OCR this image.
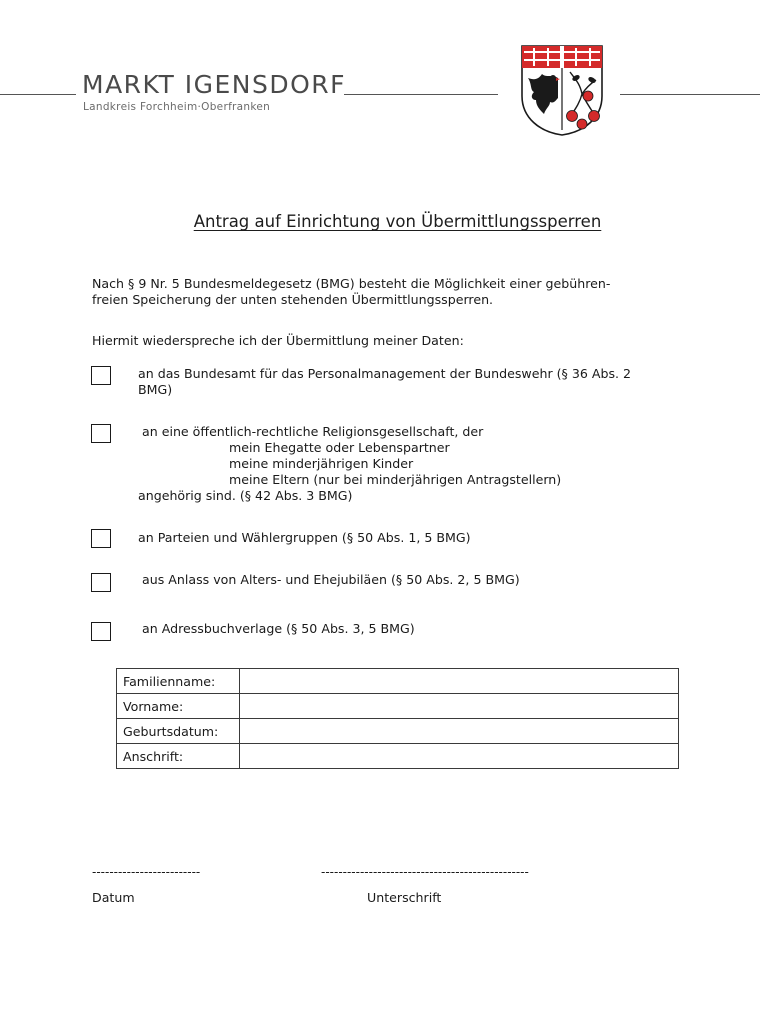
MARKT IGENSDORF
Landkreis Forchheim·Oberfranken
Antrag auf Einrichtung von Übermittlungssperren
Nach § 9 Nr. 5 Bundesmeldegesetz (BMG) besteht die Möglichkeit einer gebühren-
freien Speicherung der unten stehenden Übermittlungssperren.
Hiermit wiederspreche ich der Übermittlung meiner Daten:
an das Bundesamt für das Personalmanagement der Bundeswehr (§ 36 Abs. 2
BMG)
an eine öffentlich-rechtliche Religionsgesellschaft, der
mein Ehegatte oder Lebenspartner
meine minderjährigen Kinder
meine Eltern (nur bei minderjährigen Antragstellern)
angehörig sind. (§ 42 Abs. 3 BMG)
an Parteien und Wählergruppen (§ 50 Abs. 1, 5 BMG)
aus Anlass von Alters- und Ehejubiläen (§ 50 Abs. 2, 5 BMG)
an Adressbuchverlage (§ 50 Abs. 3, 5 BMG)
Familienname:	
Vorname:	
Geburtsdatum:	
Anschrift:	
-------------------------	------------------------------------------------
Datum	Unterschrift
